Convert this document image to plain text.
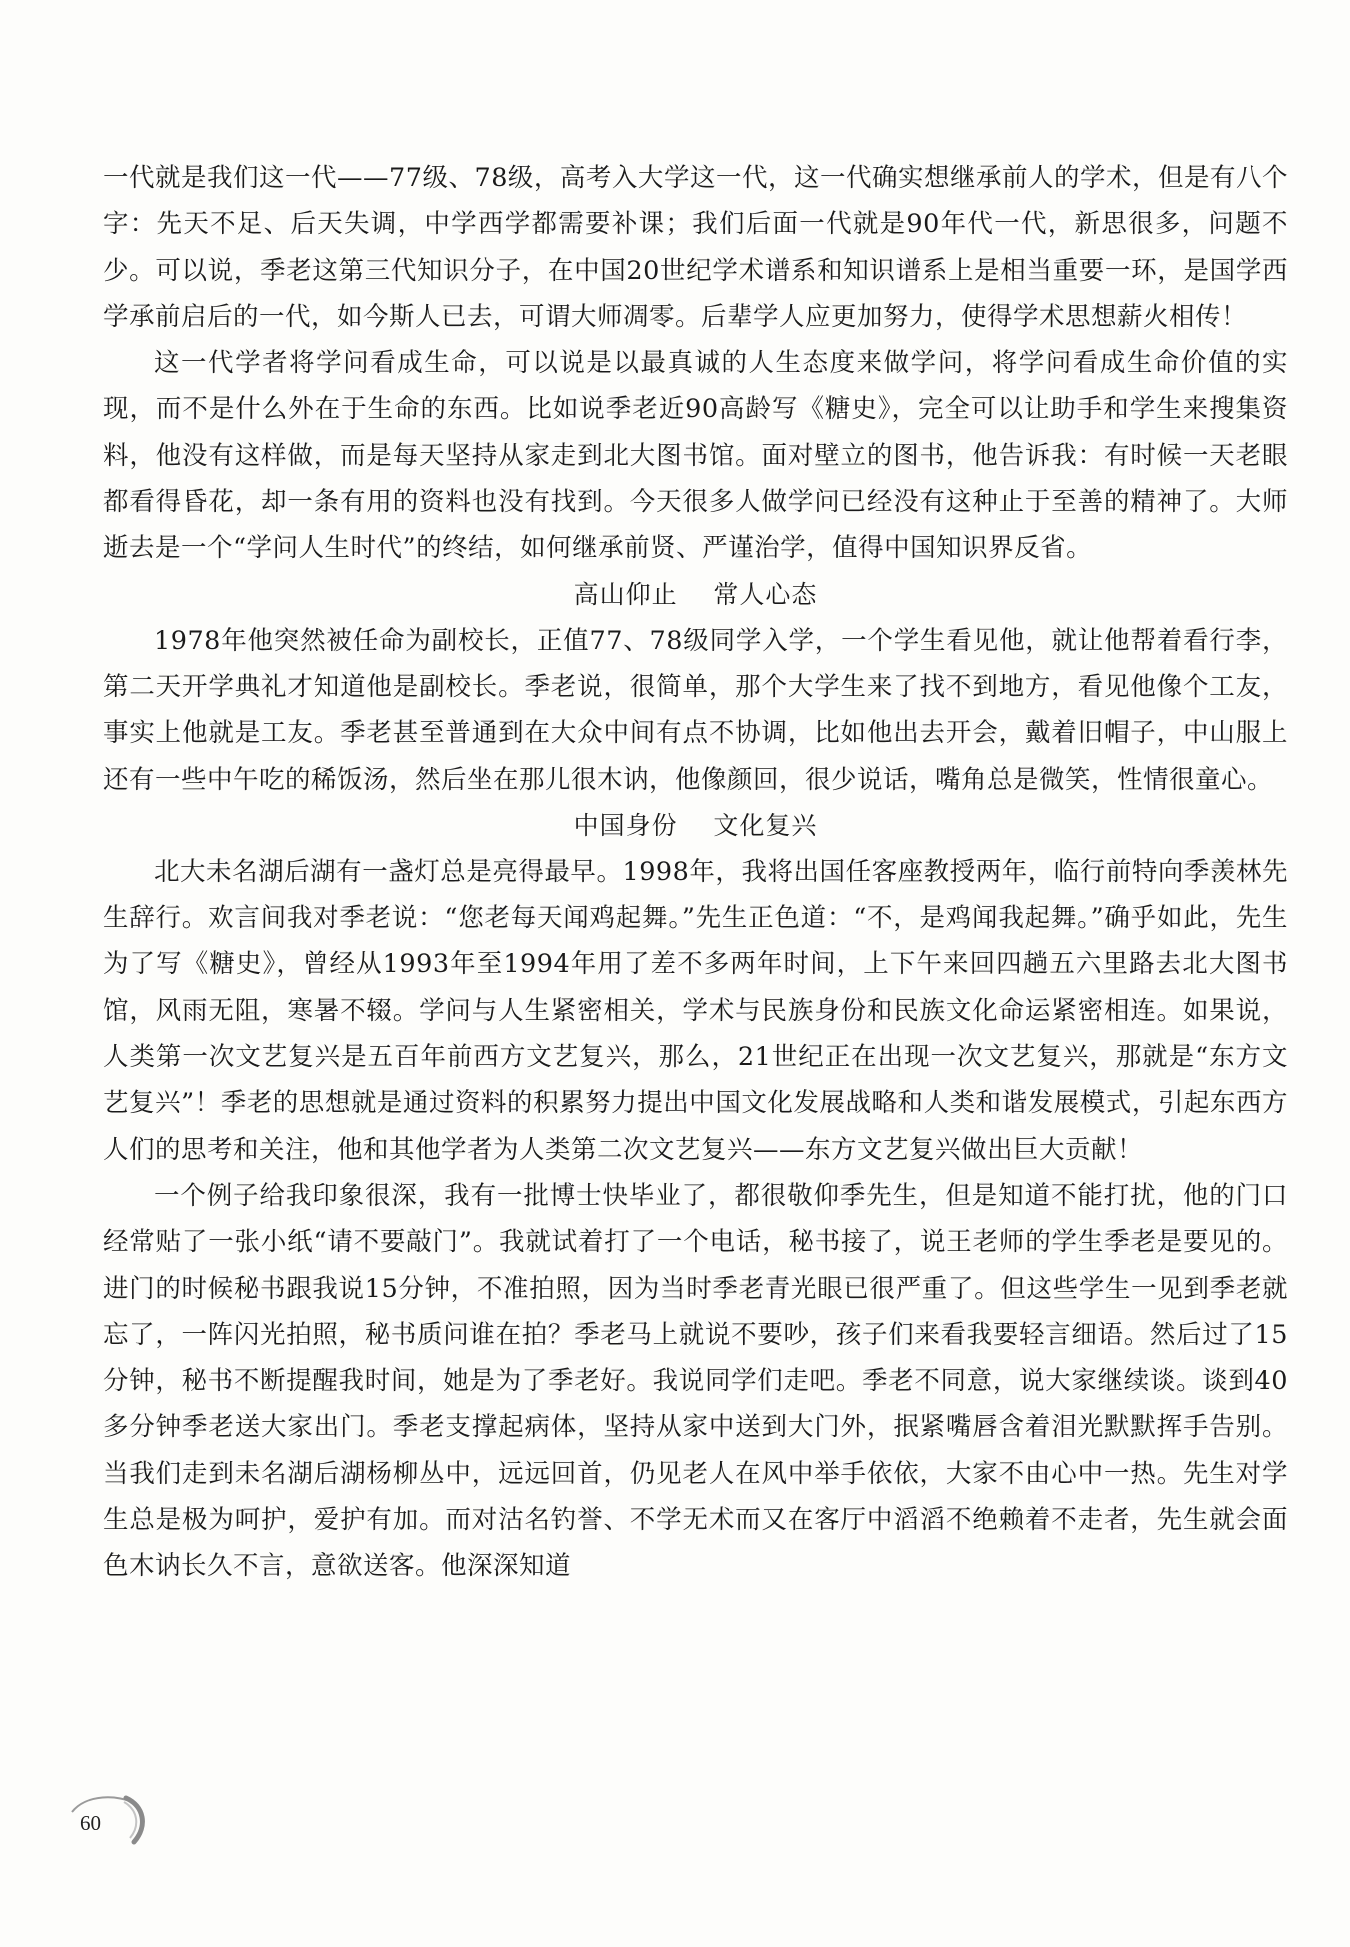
一代就是我们这一代——77级、78级，高考入大学这一代，这一代确实想继承前人的学术，但是有八个字：先天不足、后天失调，中学西学都需要补课；我们后面一代就是90年代一代，新思很多，问题不少。可以说，季老这第三代知识分子，在中国20世纪学术谱系和知识谱系上是相当重要一环，是国学西学承前启后的一代，如今斯人已去，可谓大师凋零。后辈学人应更加努力，使得学术思想薪火相传！

这一代学者将学问看成生命，可以说是以最真诚的人生态度来做学问，将学问看成生命价值的实现，而不是什么外在于生命的东西。比如说季老近90高龄写《糖史》，完全可以让助手和学生来搜集资料，他没有这样做，而是每天坚持从家走到北大图书馆。面对壁立的图书，他告诉我：有时候一天老眼都看得昏花，却一条有用的资料也没有找到。今天很多人做学问已经没有这种止于至善的精神了。大师逝去是一个“学问人生时代”的终结，如何继承前贤、严谨治学，值得中国知识界反省。

高山仰止    常人心态

1978年他突然被任命为副校长，正值77、78级同学入学，一个学生看见他，就让他帮着看行李，第二天开学典礼才知道他是副校长。季老说，很简单，那个大学生来了找不到地方，看见他像个工友，事实上他就是工友。季老甚至普通到在大众中间有点不协调，比如他出去开会，戴着旧帽子，中山服上还有一些中午吃的稀饭汤，然后坐在那儿很木讷，他像颜回，很少说话，嘴角总是微笑，性情很童心。

中国身份    文化复兴

北大未名湖后湖有一盏灯总是亮得最早。1998年，我将出国任客座教授两年，临行前特向季羡林先生辞行。欢言间我对季老说：“您老每天闻鸡起舞。”先生正色道：“不，是鸡闻我起舞。”确乎如此，先生为了写《糖史》，曾经从1993年至1994年用了差不多两年时间，上下午来回四趟五六里路去北大图书馆，风雨无阻，寒暑不辍。学问与人生紧密相关，学术与民族身份和民族文化命运紧密相连。如果说，人类第一次文艺复兴是五百年前西方文艺复兴，那么，21世纪正在出现一次文艺复兴，那就是“东方文艺复兴”！季老的思想就是通过资料的积累努力提出中国文化发展战略和人类和谐发展模式，引起东西方人们的思考和关注，他和其他学者为人类第二次文艺复兴——东方文艺复兴做出巨大贡献！

一个例子给我印象很深，我有一批博士快毕业了，都很敬仰季先生，但是知道不能打扰，他的门口经常贴了一张小纸“请不要敲门”。我就试着打了一个电话，秘书接了，说王老师的学生季老是要见的。进门的时候秘书跟我说15分钟，不准拍照，因为当时季老青光眼已很严重了。但这些学生一见到季老就忘了，一阵闪光拍照，秘书质问谁在拍？季老马上就说不要吵，孩子们来看我要轻言细语。然后过了15分钟，秘书不断提醒我时间，她是为了季老好。我说同学们走吧。季老不同意，说大家继续谈。谈到40多分钟季老送大家出门。季老支撑起病体，坚持从家中送到大门外，抿紧嘴唇含着泪光默默挥手告别。当我们走到未名湖后湖杨柳丛中，远远回首，仍见老人在风中举手依依，大家不由心中一热。先生对学生总是极为呵护，爱护有加。而对沽名钓誉、不学无术而又在客厅中滔滔不绝赖着不走者，先生就会面色木讷长久不言，意欲送客。他深深知道

60
